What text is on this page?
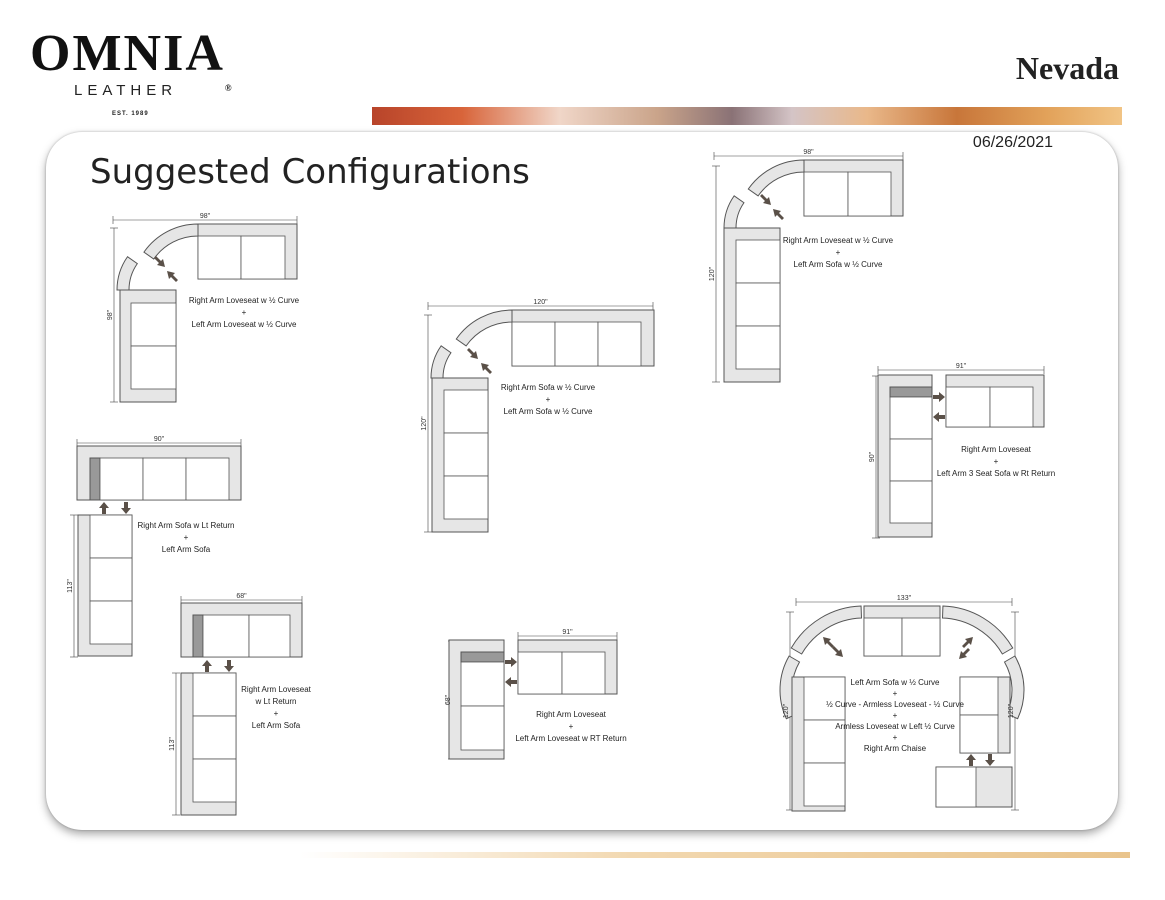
OMNIA®
LEATHER
EST. 1989
Nevada
06/26/2021
Suggested Configurations
98"
98"
Right Arm Loveseat w ½ Curve
+
Left Arm Loveseat w ½ Curve
120"
120"
Right Arm Sofa w ½ Curve
+
Left Arm Sofa w ½ Curve
98"
120"
Right Arm Loveseat w ½ Curve
+
Left Arm Sofa w ½ Curve
90"
113"
Right Arm Sofa w Lt Return
+
Left Arm Sofa
91"
90"
Right Arm Loveseat
+
Left Arm 3 Seat Sofa w Rt Return
68"
113"
Right Arm Loveseat
w Lt Return
+
Left Arm Sofa
91"
68"
Right Arm Loveseat
+
Left Arm Loveseat w RT Return
133"
120"	120"
Left Arm Sofa w ½ Curve
+
½ Curve - Armless Loveseat - ½ Curve
+
Armless Loveseat w Left ½ Curve
+
Right Arm Chaise
